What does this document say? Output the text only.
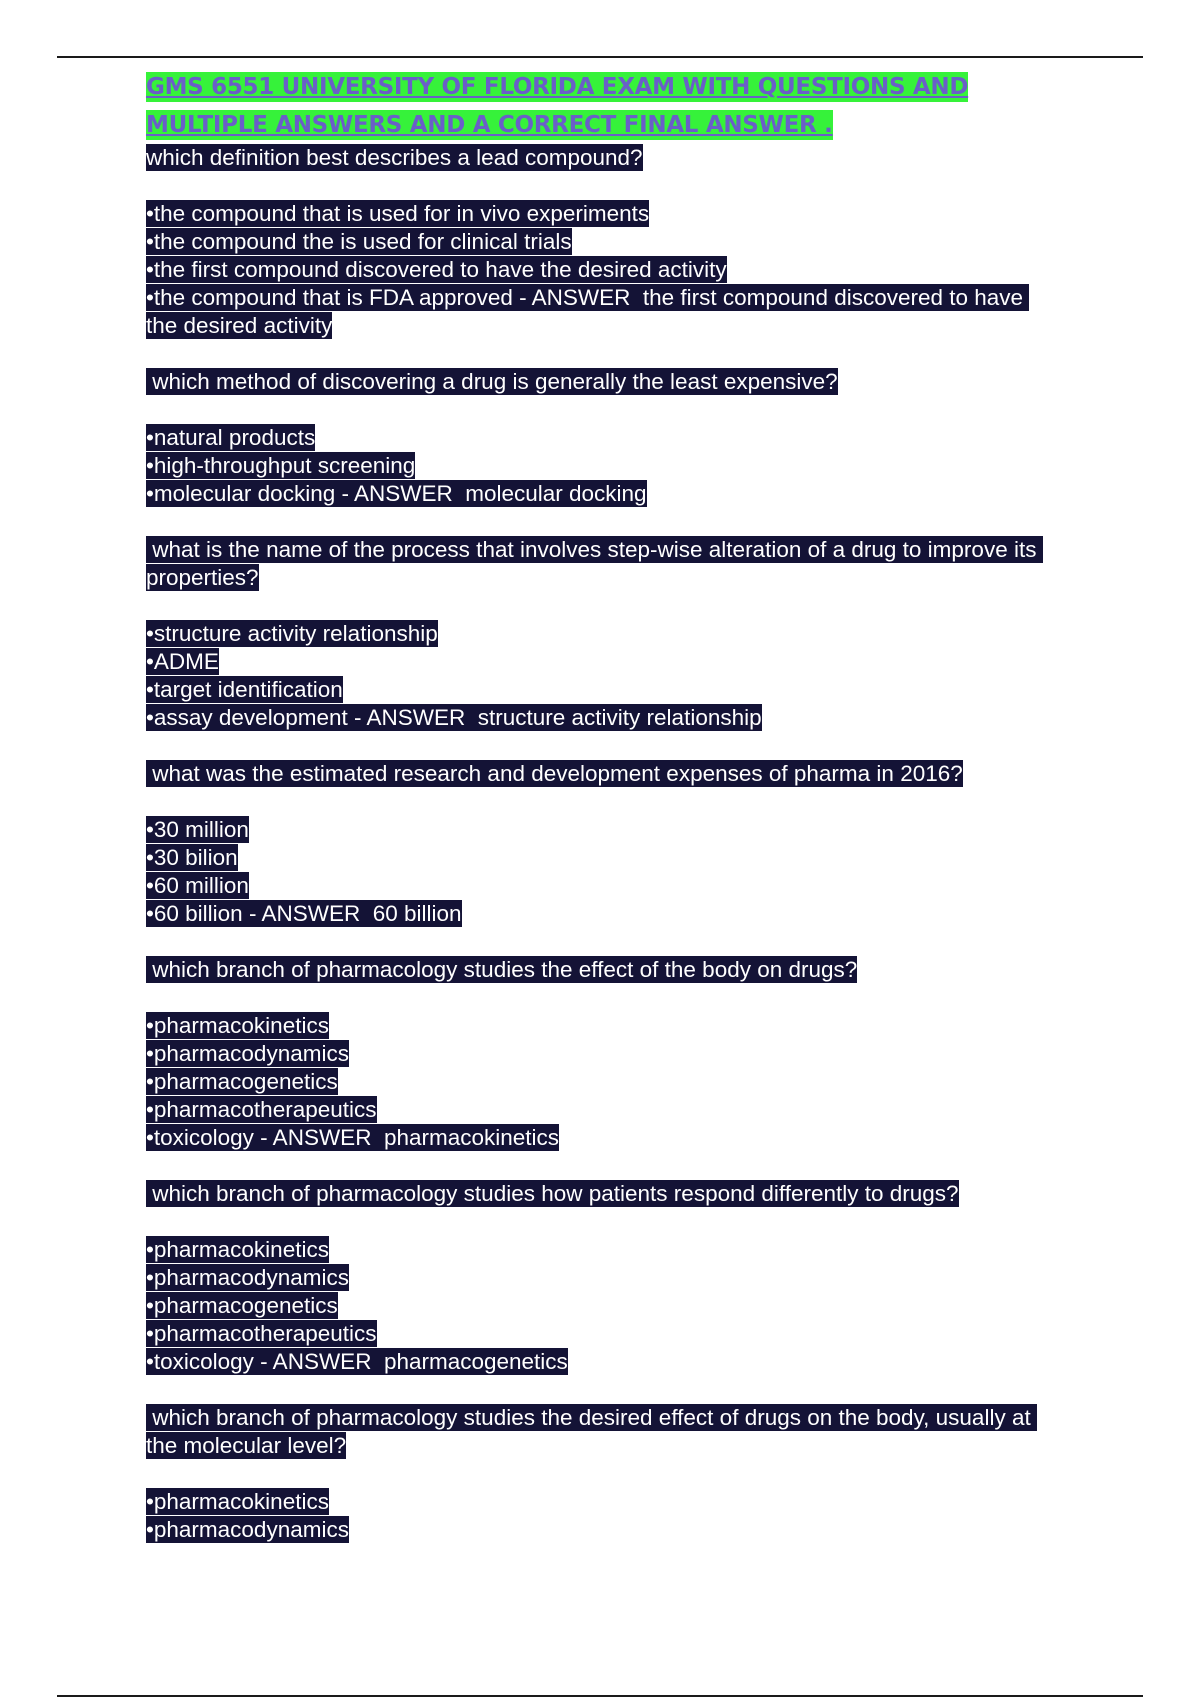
GMS 6551 UNIVERSITY OF FLORIDA EXAM WITH QUESTIONS AND MULTIPLE ANSWERS AND A CORRECT FINAL ANSWER .

which definition best describes a lead compound?

•the compound that is used for in vivo experiments

•the compound the is used for clinical trials

•the first compound discovered to have the desired activity

•the compound that is FDA approved - ANSWER  the first compound discovered to have the desired activity

which method of discovering a drug is generally the least expensive?

•natural products

•high-throughput screening

•molecular docking - ANSWER  molecular docking

what is the name of the process that involves step-wise alteration of a drug to improve its properties?

•structure activity relationship

•ADME

•target identification

•assay development - ANSWER  structure activity relationship

what was the estimated research and development expenses of pharma in 2016?

•30 million

•30 bilion

•60 million

•60 billion - ANSWER  60 billion

which branch of pharmacology studies the effect of the body on drugs?

•pharmacokinetics

•pharmacodynamics

•pharmacogenetics

•pharmacotherapeutics

•toxicology - ANSWER  pharmacokinetics

which branch of pharmacology studies how patients respond differently to drugs?

•pharmacokinetics

•pharmacodynamics

•pharmacogenetics

•pharmacotherapeutics

•toxicology - ANSWER  pharmacogenetics

which branch of pharmacology studies the desired effect of drugs on the body, usually at the molecular level?

•pharmacokinetics

•pharmacodynamics
